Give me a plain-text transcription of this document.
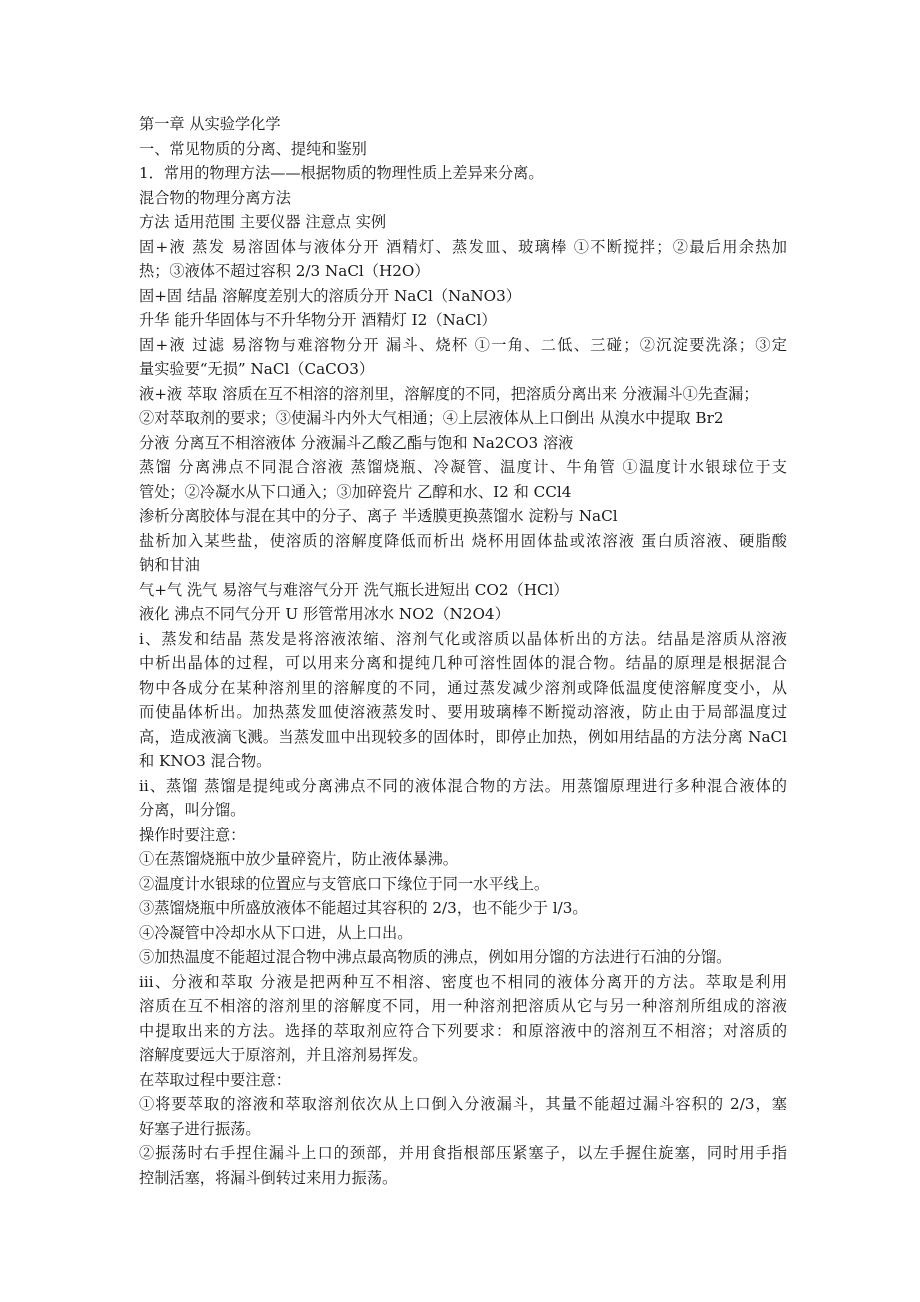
第一章 从实验学化学
一、常见物质的分离、提纯和鉴别
1．常用的物理方法——根据物质的物理性质上差异来分离。
混合物的物理分离方法
方法 适用范围 主要仪器 注意点 实例
固+液 蒸发 易溶固体与液体分开 酒精灯、蒸发皿、玻璃棒 ①不断搅拌；②最后用余热加
热；③液体不超过容积 2/3 NaCl（H2O）
固+固 结晶 溶解度差别大的溶质分开 NaCl（NaNO3）
升华 能升华固体与不升华物分开 酒精灯 I2（NaCl）
固+液 过滤 易溶物与难溶物分开 漏斗、烧杯 ①一角、二低、三碰；②沉淀要洗涤；③定
量实验要“无损” NaCl（CaCO3）
液+液 萃取 溶质在互不相溶的溶剂里，溶解度的不同，把溶质分离出来 分液漏斗①先查漏；
②对萃取剂的要求；③使漏斗内外大气相通；④上层液体从上口倒出 从溴水中提取 Br2
分液 分离互不相溶液体 分液漏斗乙酸乙酯与饱和 Na2CO3 溶液
蒸馏 分离沸点不同混合溶液 蒸馏烧瓶、冷凝管、温度计、牛角管 ①温度计水银球位于支
管处；②冷凝水从下口通入；③加碎瓷片 乙醇和水、I2 和 CCl4
渗析分离胶体与混在其中的分子、离子 半透膜更换蒸馏水 淀粉与 NaCl
盐析加入某些盐，使溶质的溶解度降低而析出 烧杯用固体盐或浓溶液 蛋白质溶液、硬脂酸
钠和甘油
气+气 洗气 易溶气与难溶气分开 洗气瓶长进短出 CO2（HCl）
液化 沸点不同气分开 U 形管常用冰水 NO2（N2O4）
i、蒸发和结晶 蒸发是将溶液浓缩、溶剂气化或溶质以晶体析出的方法。结晶是溶质从溶液
中析出晶体的过程，可以用来分离和提纯几种可溶性固体的混合物。结晶的原理是根据混合
物中各成分在某种溶剂里的溶解度的不同，通过蒸发减少溶剂或降低温度使溶解度变小，从
而使晶体析出。加热蒸发皿使溶液蒸发时、要用玻璃棒不断搅动溶液，防止由于局部温度过
高，造成液滴飞溅。当蒸发皿中出现较多的固体时，即停止加热，例如用结晶的方法分离 NaCl
和 KNO3 混合物。
ii、蒸馏 蒸馏是提纯或分离沸点不同的液体混合物的方法。用蒸馏原理进行多种混合液体的
分离，叫分馏。
操作时要注意：
①在蒸馏烧瓶中放少量碎瓷片，防止液体暴沸。
②温度计水银球的位置应与支管底口下缘位于同一水平线上。
③蒸馏烧瓶中所盛放液体不能超过其容积的 2/3，也不能少于 l/3。
④冷凝管中冷却水从下口进，从上口出。
⑤加热温度不能超过混合物中沸点最高物质的沸点，例如用分馏的方法进行石油的分馏。
iii、分液和萃取 分液是把两种互不相溶、密度也不相同的液体分离开的方法。萃取是利用
溶质在互不相溶的溶剂里的溶解度不同，用一种溶剂把溶质从它与另一种溶剂所组成的溶液
中提取出来的方法。选择的萃取剂应符合下列要求：和原溶液中的溶剂互不相溶；对溶质的
溶解度要远大于原溶剂，并且溶剂易挥发。
在萃取过程中要注意：
①将要萃取的溶液和萃取溶剂依次从上口倒入分液漏斗，其量不能超过漏斗容积的 2/3，塞
好塞子进行振荡。
②振荡时右手捏住漏斗上口的颈部，并用食指根部压紧塞子，以左手握住旋塞，同时用手指
控制活塞，将漏斗倒转过来用力振荡。
